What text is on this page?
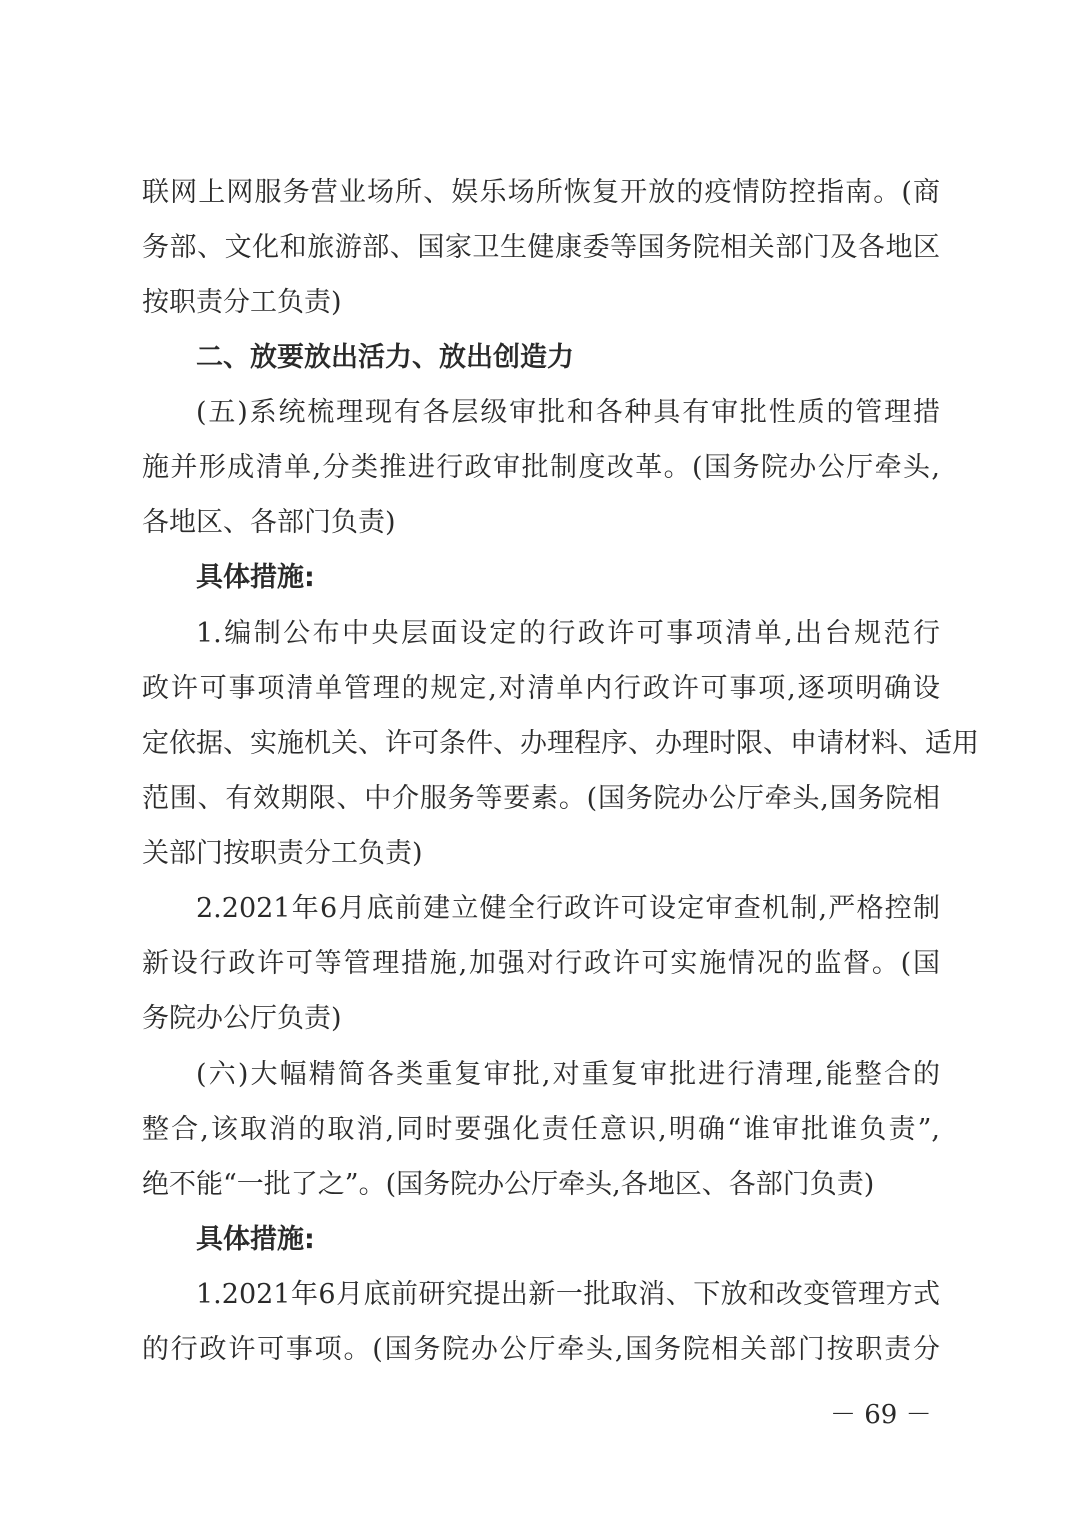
联网上网服务营业场所、娱乐场所恢复开放的疫情防控指南。(商
务部、文化和旅游部、国家卫生健康委等国务院相关部门及各地区
按职责分工负责)
二、放要放出活力、放出创造力
(五)系统梳理现有各层级审批和各种具有审批性质的管理措
施并形成清单,分类推进行政审批制度改革。(国务院办公厅牵头,
各地区、各部门负责)
具体措施:
1.编制公布中央层面设定的行政许可事项清单,出台规范行
政许可事项清单管理的规定,对清单内行政许可事项,逐项明确设
定依据、实施机关、许可条件、办理程序、办理时限、申请材料、适用
范围、有效期限、中介服务等要素。(国务院办公厅牵头,国务院相
关部门按职责分工负责)
2.2021年6月底前建立健全行政许可设定审查机制,严格控制
新设行政许可等管理措施,加强对行政许可实施情况的监督。(国
务院办公厅负责)
(六)大幅精简各类重复审批,对重复审批进行清理,能整合的
整合,该取消的取消,同时要强化责任意识,明确“谁审批谁负责”,
绝不能“一批了之”。(国务院办公厅牵头,各地区、各部门负责)
具体措施:
1.2021年6月底前研究提出新一批取消、下放和改变管理方式
的行政许可事项。(国务院办公厅牵头,国务院相关部门按职责分
－ 69 －
